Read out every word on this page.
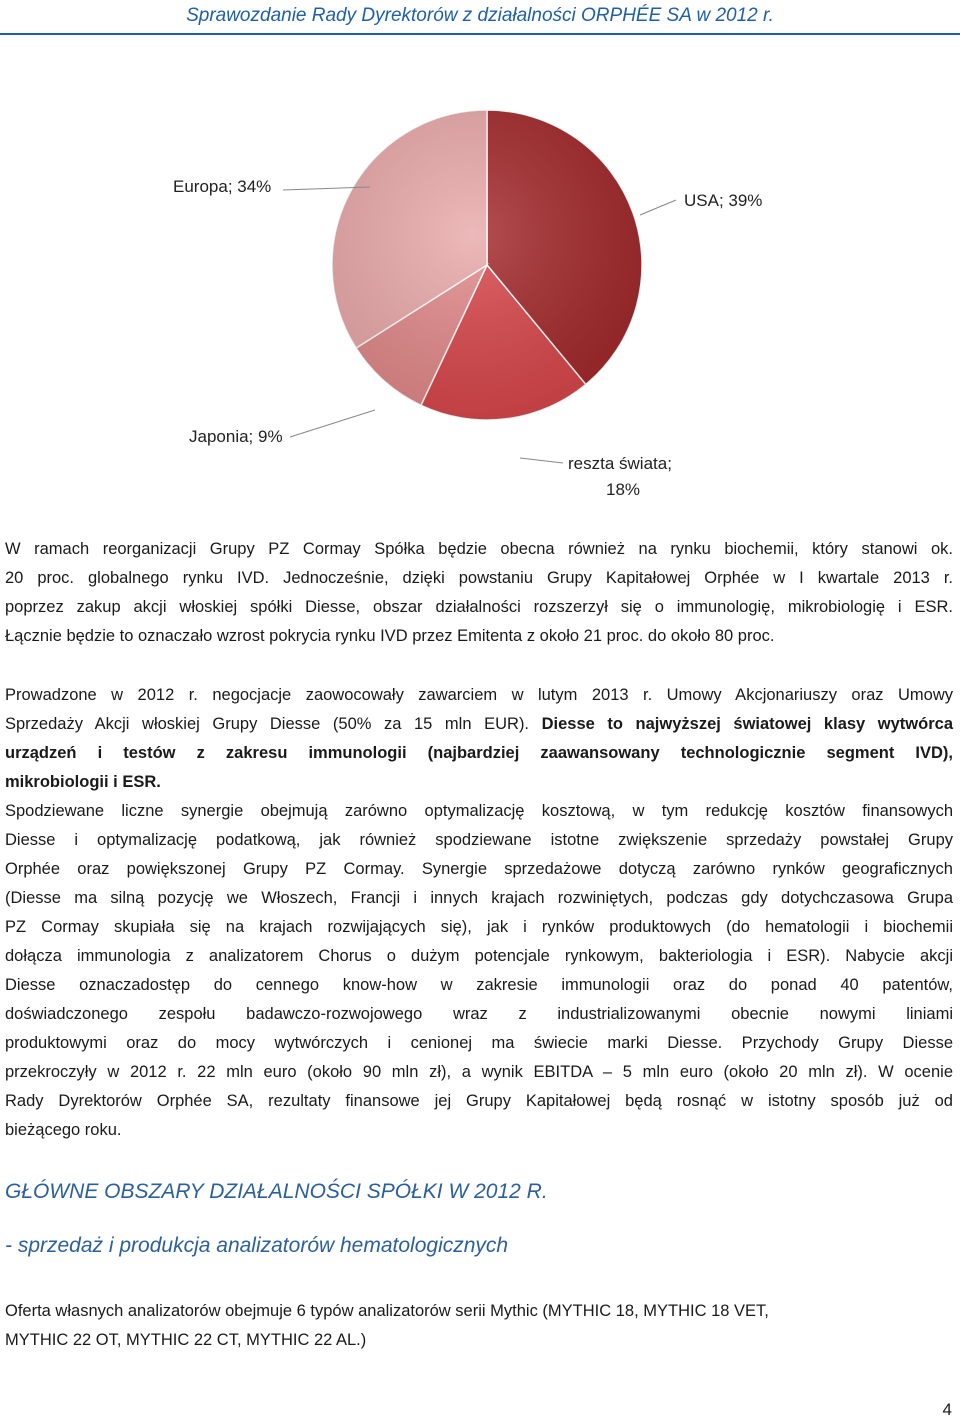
Sprawozdanie Rady Dyrektorów z działalności ORPHÉE SA w 2012 r.
Europa; 34%
USA; 39%
Japonia; 9%
reszta świata;
18%
W ramach reorganizacji Grupy PZ Cormay Spółka będzie obecna również na rynku biochemii, który stanowi ok.
20 proc. globalnego rynku IVD. Jednocześnie, dzięki powstaniu Grupy Kapitałowej Orphée w I kwartale 2013 r.
poprzez zakup akcji włoskiej spółki Diesse, obszar działalności rozszerzył się o immunologię, mikrobiologię i ESR.
Łącznie będzie to oznaczało wzrost pokrycia rynku IVD przez Emitenta z około 21 proc. do około 80 proc.
Prowadzone w 2012 r. negocjacje zaowocowały zawarciem w lutym 2013 r. Umowy Akcjonariuszy oraz Umowy
Sprzedaży Akcji włoskiej Grupy Diesse (50% za 15 mln EUR). Diesse to najwyższej światowej klasy wytwórca
urządzeń i testów z zakresu immunologii (najbardziej zaawansowany technologicznie segment IVD),
mikrobiologii i ESR.
Spodziewane liczne synergie obejmują zarówno optymalizację kosztową, w tym redukcję kosztów finansowych
Diesse i optymalizację podatkową, jak również spodziewane istotne zwiększenie sprzedaży powstałej Grupy
Orphée oraz powiększonej Grupy PZ Cormay. Synergie sprzedażowe dotyczą zarówno rynków geograficznych
(Diesse ma silną pozycję we Włoszech, Francji i innych krajach rozwiniętych, podczas gdy dotychczasowa Grupa
PZ Cormay skupiała się na krajach rozwijających się), jak i rynków produktowych (do hematologii i biochemii
dołącza immunologia z analizatorem Chorus o dużym potencjale rynkowym, bakteriologia i ESR). Nabycie akcji
Diesse oznaczadostęp do cennego know-how w zakresie immunologii oraz do ponad 40 patentów,
doświadczonego zespołu badawczo-rozwojowego wraz z industrializowanymi obecnie nowymi liniami
produktowymi oraz do mocy wytwórczych i cenionej ma świecie marki Diesse. Przychody Grupy Diesse
przekroczyły w 2012 r. 22 mln euro (około 90 mln zł), a wynik EBITDA – 5 mln euro (około 20 mln zł). W ocenie
Rady Dyrektorów Orphée SA, rezultaty finansowe jej Grupy Kapitałowej będą rosnąć w istotny sposób już od
bieżącego roku.
GŁÓWNE OBSZARY DZIAŁALNOŚCI SPÓŁKI W 2012 R.
- sprzedaż i produkcja analizatorów hematologicznych
Oferta własnych analizatorów obejmuje 6 typów analizatorów serii Mythic (MYTHIC 18, MYTHIC 18 VET,
MYTHIC 22 OT, MYTHIC 22 CT, MYTHIC 22 AL.)
4
